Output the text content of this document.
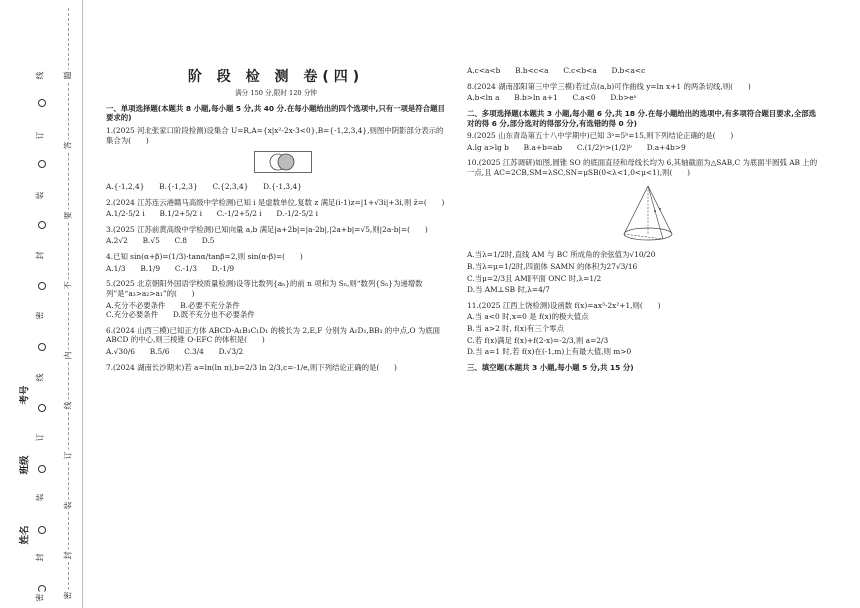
考号
班级
姓名
线
订
装
封
密
线
订
装
封
密
题
答
要
不
内
线
订
装
封
密
阶 段 检 测 卷(四)
满分 150 分,限时 120 分钟
一、单项选择题(本题共 8 小题,每小题 5 分,共 40 分.在每小题给出的四个选项中,只有一项是符合题目要求的)
1.(2025 河北张家口阶段检测)设集合 U=R,A={x|x²-2x-3<0},B={-1,2,3,4},则图中阴影部分表示的集合为(　　)
A.{-1,2,4}　　B.{-1,2,3}　　C.{2,3,4}　　D.{-1,3,4}
2.(2024 江苏连云港赣马高级中学检测)已知 i 是虚数单位,复数 z 满足(i-1)z=|1+√3i|+3i,则 z̄=(　　)
A.1/2-5/2 i　　B.1/2+5/2 i　　C.-1/2+5/2 i　　D.-1/2-5/2 i
3.(2025 江苏前黄高级中学检测)已知向量 a,b 满足|a+2b|=|a-2b|,|2a+b|=√5,则|2a-b|=(　　)
A.2√2　　B.√5　　C.8　　D.5
4.已知 sin(α+β)=(1/3)·tanα/tanβ=2,则 sin(α-β)=(　　)
A.1/3　　B.1/9　　C.-1/3　　D.-1/9
5.(2025 北京朝阳外国语学校质量检测)设等比数列{aₙ}的前 n 项和为 Sₙ,则“数列{Sₙ}为递增数列”是“a₃>a₂>a₁”的(　　)
A.充分不必要条件　　B.必要不充分条件
C.充分必要条件　　D.既不充分也不必要条件
6.(2024 山西三模)已知正方体 ABCD-A₁B₁C₁D₁ 的棱长为 2,E,F 分别为 A₁D₁,BB₁ 的中点,O 为底面 ABCD 的中心,则三棱锥 O-EFC 的体积是(　　)
A.√30/6　　B.5/6　　C.3/4　　D.√3/2
7.(2024 湖南长沙期末)若 a=ln(ln π),b=2/3 ln 2/3,c=-1/e,则下列结论正确的是(　　)
A.c<a<b　　B.b<c<a　　C.c<b<a　　D.b<a<c
8.(2024 湖南邵阳第三中学三模)若过点(a,b)可作曲线 y=ln x+1 的两条切线,则(　　)
A.b<ln a　　B.b>ln a+1　　C.a<0　　D.b>eᵃ
二、多项选择题(本题共 3 小题,每小题 6 分,共 18 分.在每小题给出的选项中,有多项符合题目要求,全部选对的得 6 分,部分选对的得部分分,有选错的得 0 分)
9.(2025 山东青岛第五十八中学期中)已知 3ᵃ=5ᵇ=15,则下列结论正确的是(　　)
A.lg a>lg b　　B.a+b=ab　　C.(1/2)ᵃ>(1/2)ᵇ　　D.a+4b>9
10.(2025 江苏调研)如图,圆锥 SO 的底面直径和母线长均为 6,其轴截面为△SAB,C 为底面半圆弧 AB 上的一点,且 AC=2CB,SM=λSC,SN=μSB(0<λ<1,0<μ<1),则(　　)
A.当λ=1/2时,直线 AM 与 BC 所成角的余弦值为√10/20
B.当λ=μ=1/2时,四面体 SAMN 的体积为27√3/16
C.当μ=2/3且 AM∥平面 ONC 时,λ=1/2
D.当 AM⊥SB 时,λ=4/7
11.(2025 江西上饶检测)设函数 f(x)=ax³-2x²+1,则(　　)
A.当 a<0 时,x=0 是 f(x)的极大值点
B.当 a>2 时, f(x)有三个零点
C.若 f(x)满足 f(x)+f(2-x)=-2/3,则 a=2/3
D.当 a=1 时,若 f(x)在(-1,m)上有最大值,则 m>0
三、填空题(本题共 3 小题,每小题 5 分,共 15 分)
